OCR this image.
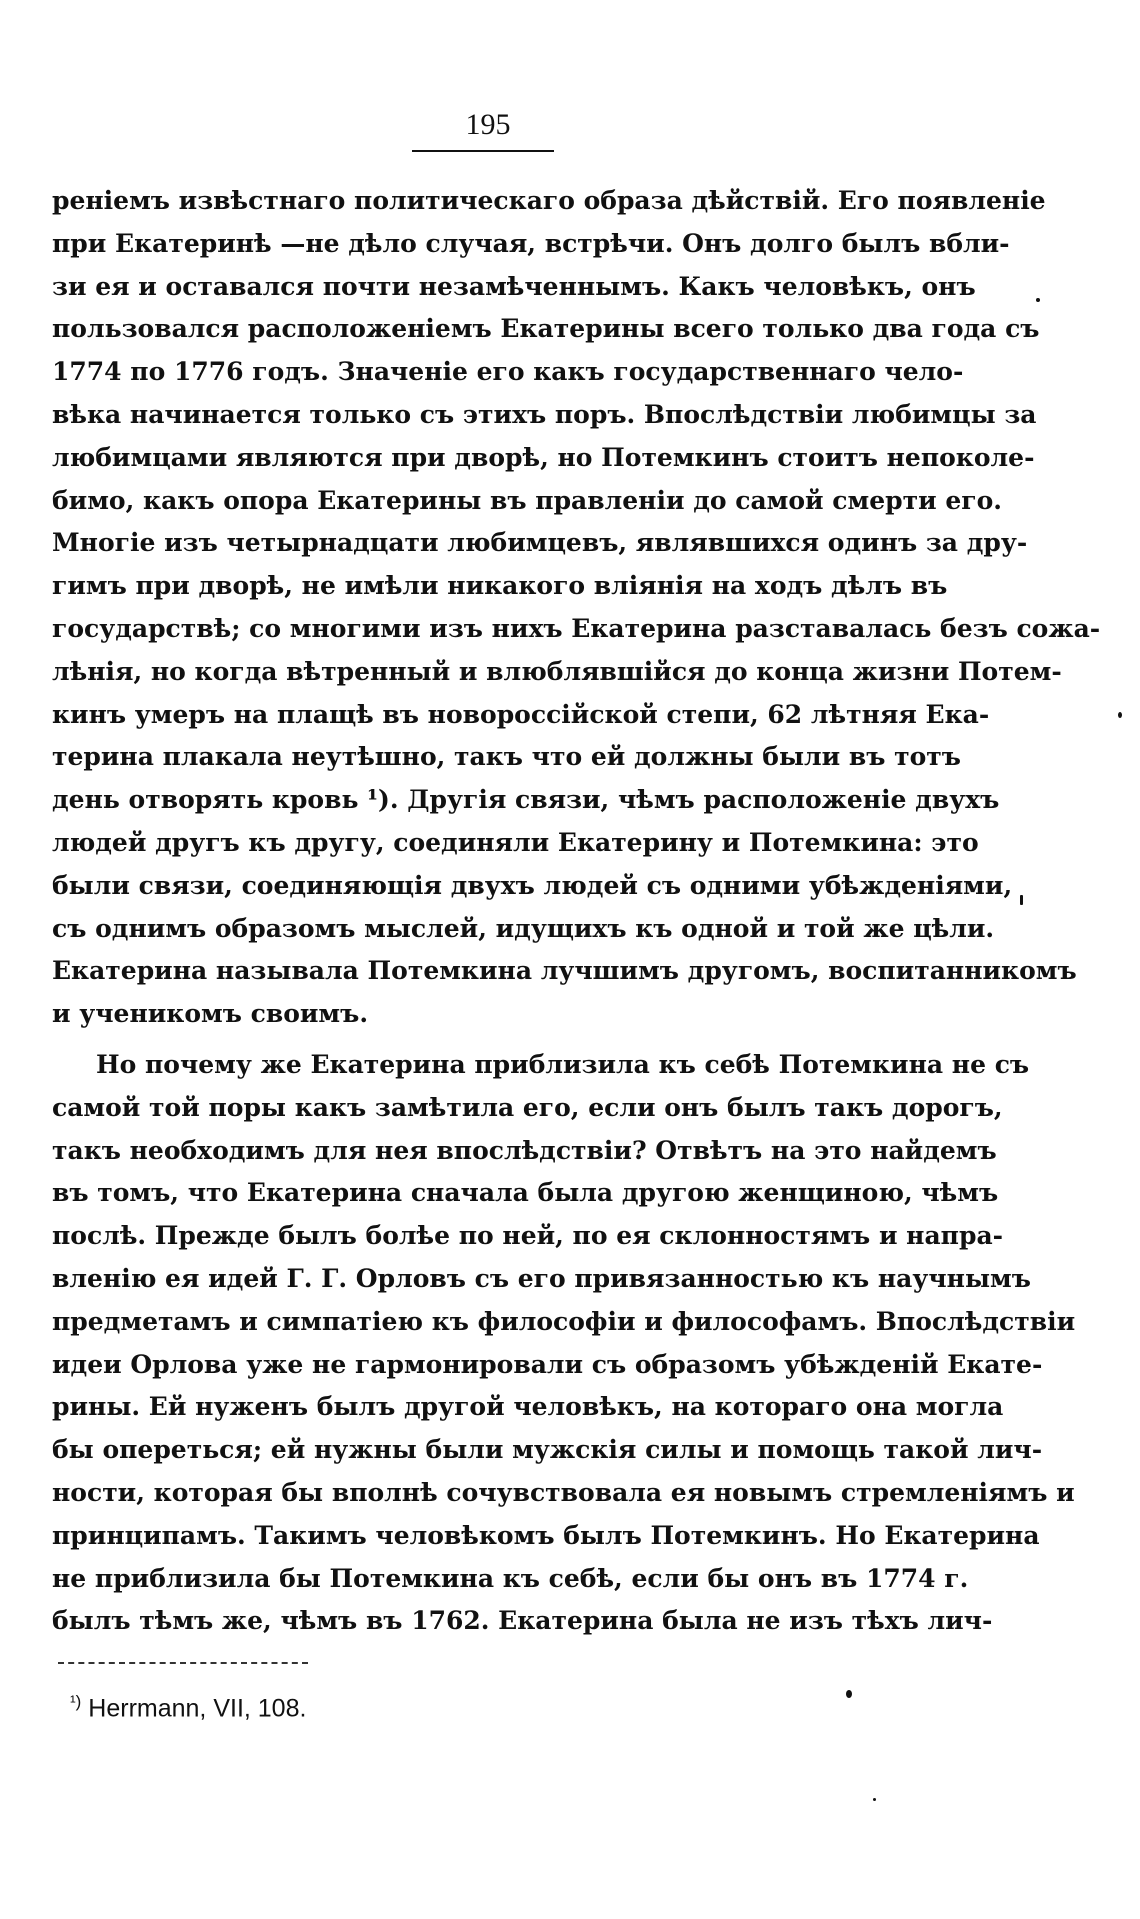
195
реніемъ извѣстнаго политическаго образа дѣйствій. Его появленіе
при Екатеринѣ —не дѣло случая, встрѣчи. Онъ долго былъ вбли-
зи ея и оставался почти незамѣченнымъ. Какъ человѣкъ, онъ
пользовался расположеніемъ Екатерины всего только два года съ
1774 по 1776 годъ. Значеніе его какъ государственнаго чело-
вѣка начинается только съ этихъ поръ. Впослѣдствіи любимцы за
любимцами являются при дворѣ, но Потемкинъ стоитъ непоколе-
бимо, какъ опора Екатерины въ правленіи до самой смерти его.
Многіе изъ четырнадцати любимцевъ, являвшихся одинъ за дру-
гимъ при дворѣ, не имѣли никакого вліянія на ходъ дѣлъ въ
государствѣ; со многими изъ нихъ Екатерина разставалась безъ сожа-
лѣнія, но когда вѣтренный и влюблявшійся до конца жизни Потем-
кинъ умеръ на плащѣ въ новороссійской степи, 62 лѣтняя Ека-
терина плакала неутѣшно, такъ что ей должны были въ тотъ
день отворять кровь ¹). Другія связи, чѣмъ расположеніе двухъ
людей другъ къ другу, соединяли Екатерину и Потемкина: это
были связи, соединяющія двухъ людей съ одними убѣжденіями,
съ однимъ образомъ мыслей, идущихъ къ одной и той же цѣли.
Екатерина называла Потемкина лучшимъ другомъ, воспитанникомъ
и ученикомъ своимъ.
Но почему же Екатерина приблизила къ себѣ Потемкина не съ
самой той поры какъ замѣтила его, если онъ былъ такъ дорогъ,
такъ необходимъ для нея впослѣдствіи? Отвѣтъ на это найдемъ
въ томъ, что Екатерина сначала была другою женщиною, чѣмъ
послѣ. Прежде былъ болѣе по ней, по ея склонностямъ и напра-
вленію ея идей Г. Г. Орловъ съ его привязанностью къ научнымъ
предметамъ и симпатіею къ философіи и философамъ. Впослѣдствіи
идеи Орлова уже не гармонировали съ образомъ убѣжденій Екате-
рины. Ей нуженъ былъ другой человѣкъ, на котораго она могла
бы опереться; ей нужны были мужскія силы и помощь такой лич-
ности, которая бы вполнѣ сочувствовала ея новымъ стремленіямъ и
принципамъ. Такимъ человѣкомъ былъ Потемкинъ. Но Екатерина
не приблизила бы Потемкина къ себѣ, если бы онъ въ 1774 г.
былъ тѣмъ же, чѣмъ въ 1762. Екатерина была не изъ тѣхъ лич-
$^{^1)}$ Herrmann, VII, 108.
